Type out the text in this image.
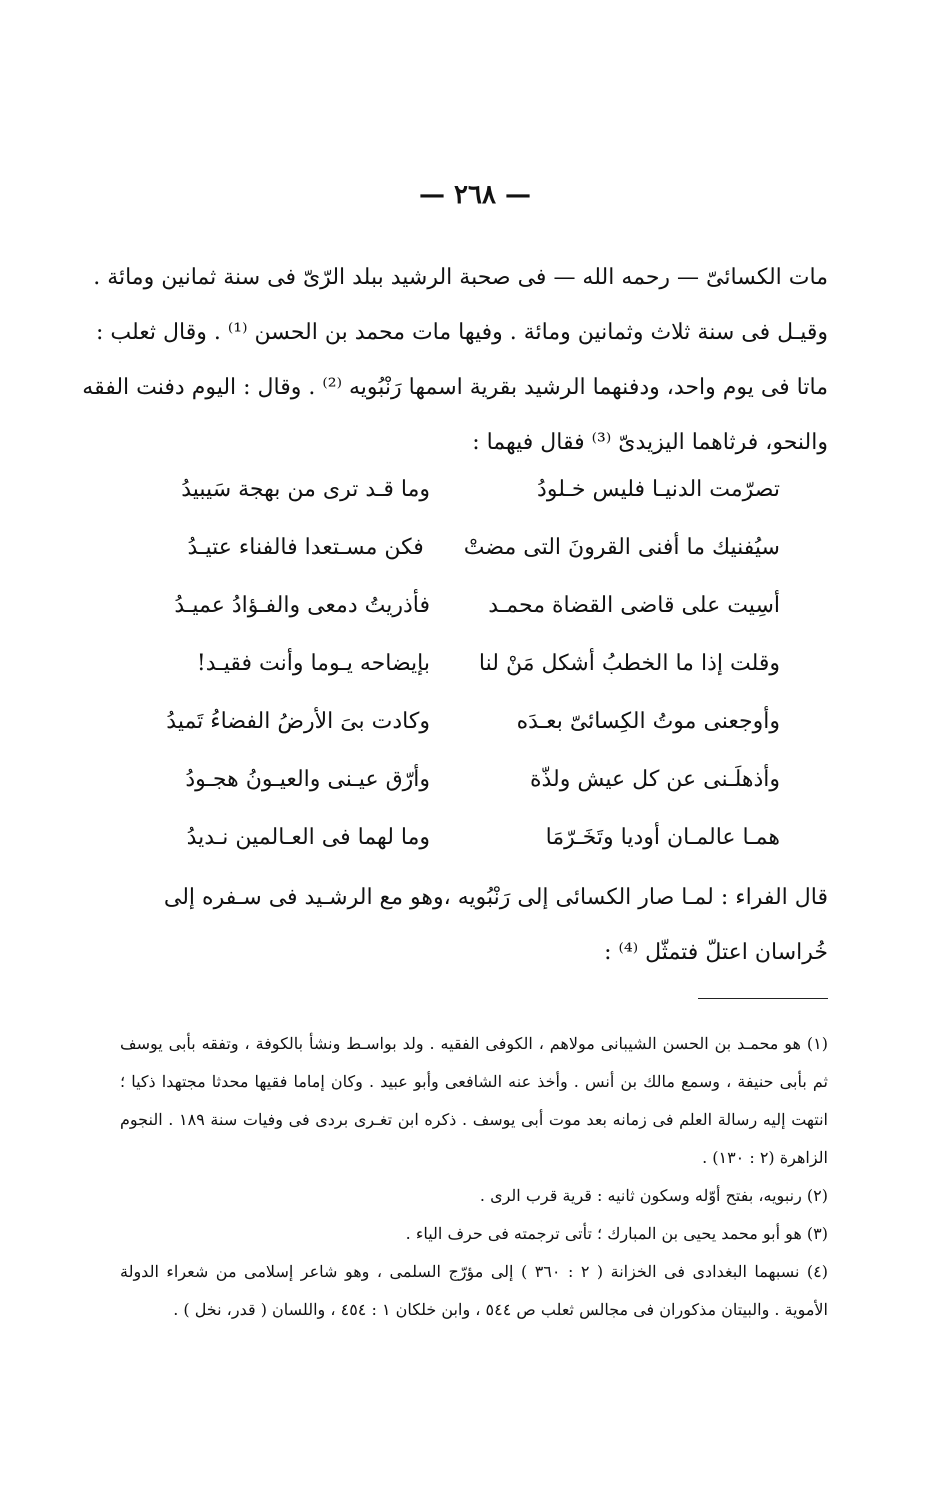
— ٢٦٨ —
مات الكسائىّ — رحمه الله — فى صحبة الرشيد ببلد الرّىّ فى سنة ثمانين ومائة .
وقيـل فى سنة ثلاث وثمانين ومائة . وفيها مات محمد بن الحسن ⁽¹⁾ . وقال ثعلب :
ماتا فى يوم واحد، ودفنهما الرشيد بقرية اسمها رَنْبُويه ⁽²⁾ . وقال : اليوم دفنت الفقه
والنحو، فرثاهما اليزيدىّ ⁽³⁾ فقال فيهما :
تصرّمت الدنيـا فليس خـلودُ
وما قـد ترى من بهجة سَيبيدُ
سيُفنيك ما أفنى القرونَ التى مضتْ
فكن مسـتعدا فالفناء عتيـدُ
أسِيت على قاضى القضاة محمـد
فأذريتُ دمعى والفـؤادُ عميـدُ
وقلت إذا ما الخطبُ أشكل مَنْ لنا
بإيضاحه يـوما وأنت فقيـد!
وأوجعنى موتُ الكِسائىّ بعـدَه
وكادت بىَ الأرضُ الفضاءُ تَميدُ
وأذهلَـنى عن كل عيش ولذّة
وأرّق عيـنى والعيـونُ هجـودُ
همـا عالمـان أوديا وتَخَـرّمَا
وما لهما فى العـالمين نـديدُ
قال الفراء : لمـا صار الكسائى إلى رَنْبُويه ،وهو مع الرشـيد فى سـفره إلى
خُراسان اعتلّ فتمثّل ⁽⁴⁾ :

(١) هو محمـد بن الحسن الشيبانى مولاهم ، الكوفى الفقيه . ولد بواسـط ونشأ بالكوفة ، وتفقه بأبى يوسف ثم بأبى حنيفة ، وسمع مالك بن أنس . وأخذ عنه الشافعى وأبو عبيد . وكان إماما فقيها محدثا مجتهدا ذكيا ؛ انتهت إليه رسالة العلم فى زمانه بعد موت أبى يوسف . ذكره ابن تغـرى بردى فى وفيات سنة ١٨٩ . النجوم الزاهرة (٢ : ١٣٠) .

(٢) رنبويه، بفتح أوّله وسكون ثانيه : قرية قرب الرى .

(٣) هو أبو محمد يحيى بن المبارك ؛ تأتى ترجمته فى حرف الياء .

(٤) نسبهما البغدادى فى الخزانة ( ٢ : ٣٦٠ ) إلى مؤرّج السلمى ، وهو شاعر إسلامى من شعراء الدولة الأموية . والبيتان مذكوران فى مجالس ثعلب ص ٥٤٤ ، وابن خلكان ١ : ٤٥٤ ، واللسان ( قدر، نخل ) .
